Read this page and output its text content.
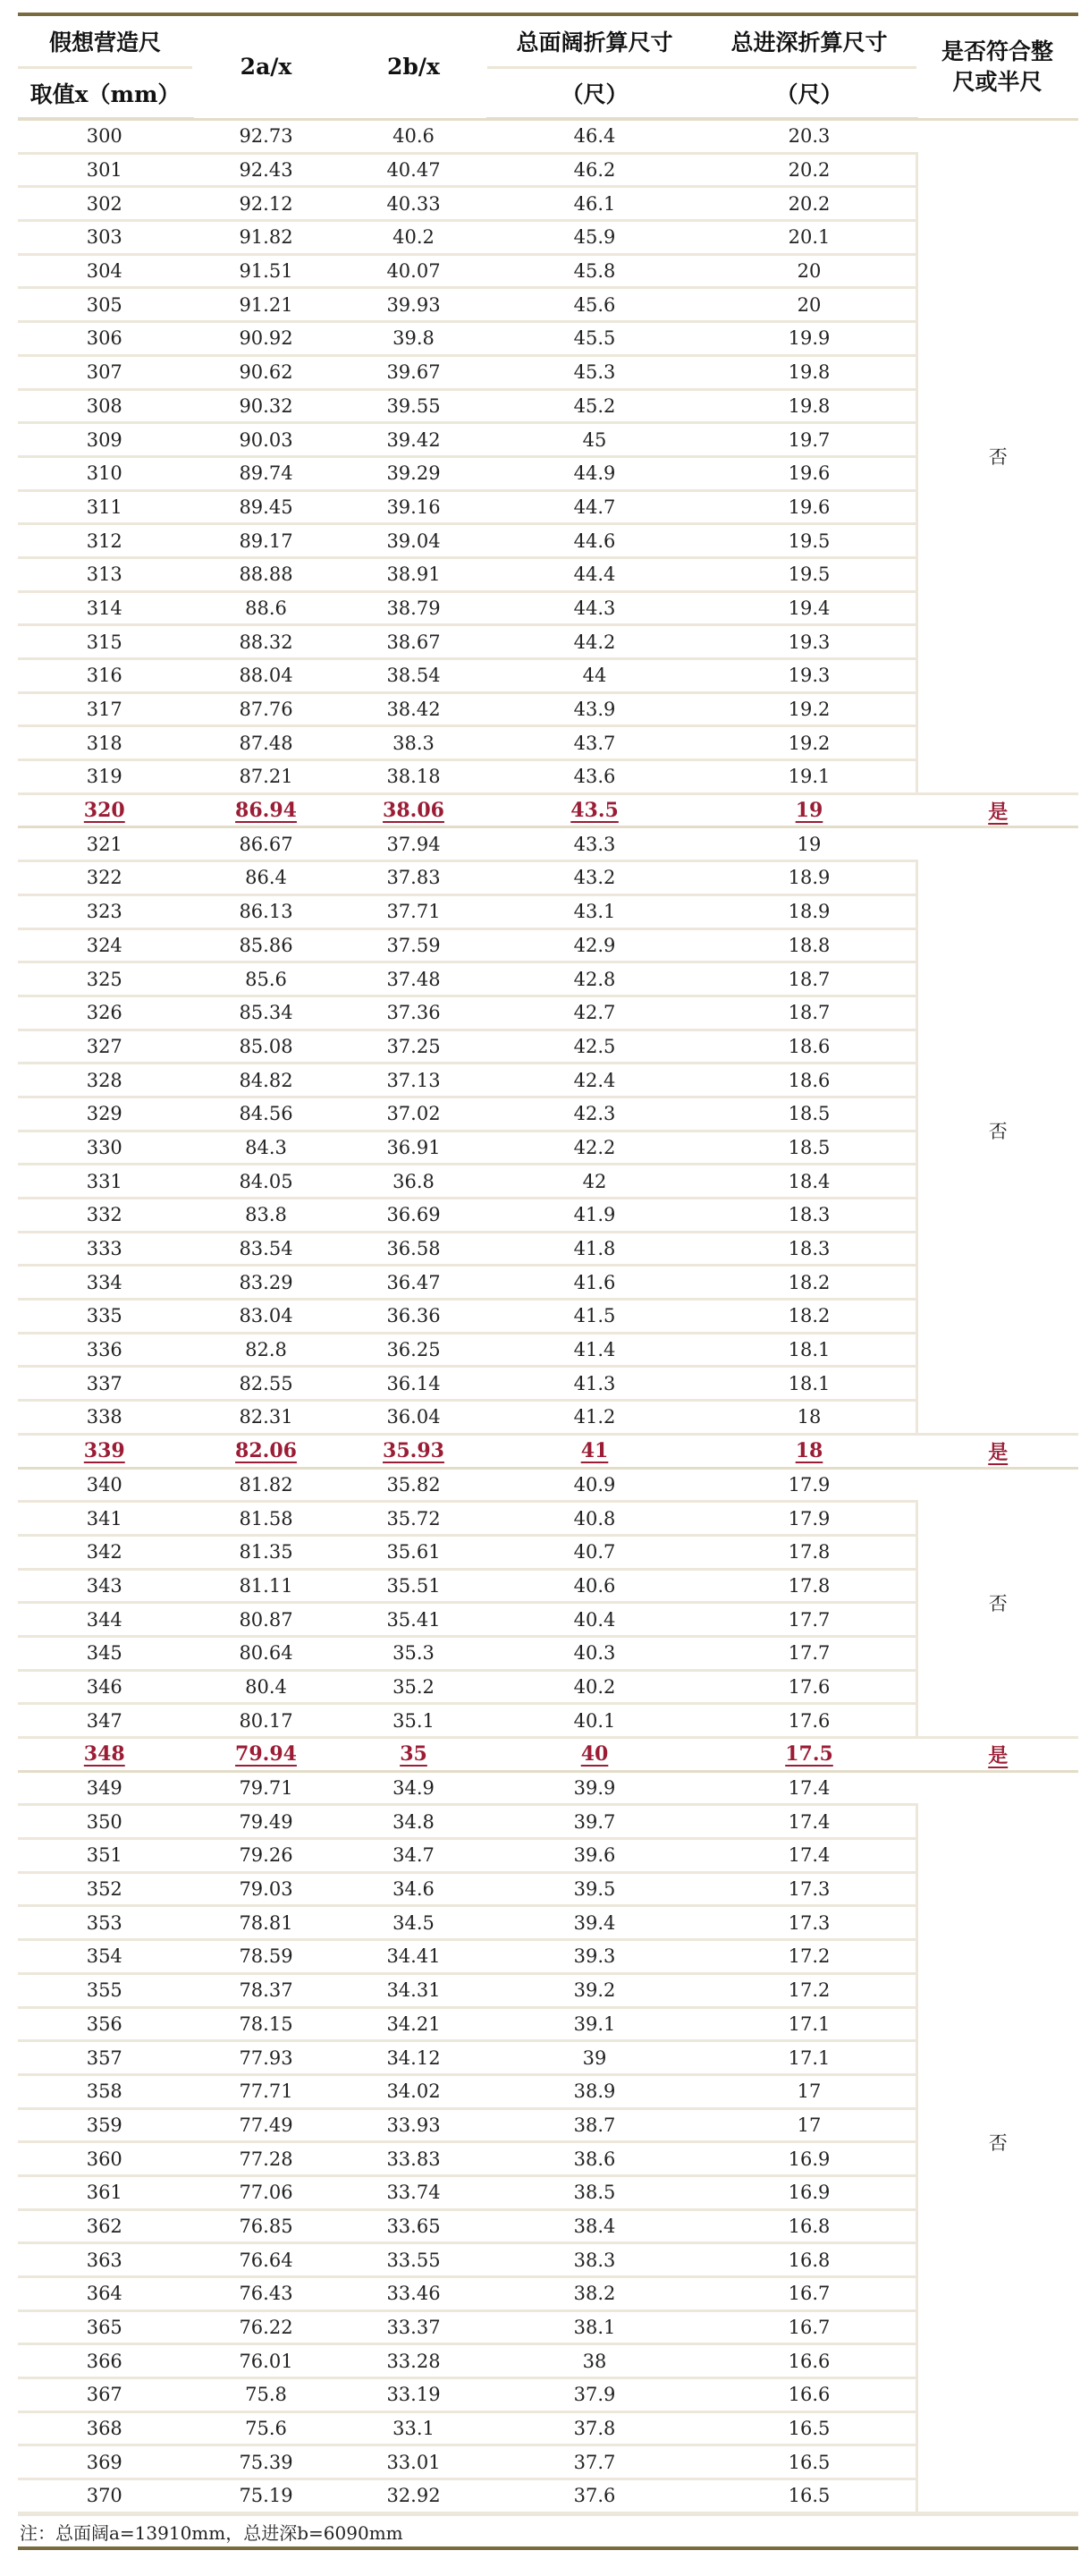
假想营造尺	2a/x	2b/x	总面阔折算尺寸	总进深折算尺寸	是否符合整
尺或半尺
取值x（mm）			（尺）	（尺）	
300	92.73	40.6	46.4	20.3	否
301	92.43	40.47	46.2	20.2	
302	92.12	40.33	46.1	20.2	
303	91.82	40.2	45.9	20.1	
304	91.51	40.07	45.8	20	
305	91.21	39.93	45.6	20	
306	90.92	39.8	45.5	19.9	
307	90.62	39.67	45.3	19.8	
308	90.32	39.55	45.2	19.8	
309	90.03	39.42	45	19.7	
310	89.74	39.29	44.9	19.6	
311	89.45	39.16	44.7	19.6	
312	89.17	39.04	44.6	19.5	
313	88.88	38.91	44.4	19.5	
314	88.6	38.79	44.3	19.4	
315	88.32	38.67	44.2	19.3	
316	88.04	38.54	44	19.3	
317	87.76	38.42	43.9	19.2	
318	87.48	38.3	43.7	19.2	
319	87.21	38.18	43.6	19.1	
320	86.94	38.06	43.5	19	是
321	86.67	37.94	43.3	19	否
322	86.4	37.83	43.2	18.9	
323	86.13	37.71	43.1	18.9	
324	85.86	37.59	42.9	18.8	
325	85.6	37.48	42.8	18.7	
326	85.34	37.36	42.7	18.7	
327	85.08	37.25	42.5	18.6	
328	84.82	37.13	42.4	18.6	
329	84.56	37.02	42.3	18.5	
330	84.3	36.91	42.2	18.5	
331	84.05	36.8	42	18.4	
332	83.8	36.69	41.9	18.3	
333	83.54	36.58	41.8	18.3	
334	83.29	36.47	41.6	18.2	
335	83.04	36.36	41.5	18.2	
336	82.8	36.25	41.4	18.1	
337	82.55	36.14	41.3	18.1	
338	82.31	36.04	41.2	18	
339	82.06	35.93	41	18	是
340	81.82	35.82	40.9	17.9	否
341	81.58	35.72	40.8	17.9	
342	81.35	35.61	40.7	17.8	
343	81.11	35.51	40.6	17.8	
344	80.87	35.41	40.4	17.7	
345	80.64	35.3	40.3	17.7	
346	80.4	35.2	40.2	17.6	
347	80.17	35.1	40.1	17.6	
348	79.94	35	40	17.5	是
349	79.71	34.9	39.9	17.4	否
350	79.49	34.8	39.7	17.4	
351	79.26	34.7	39.6	17.4	
352	79.03	34.6	39.5	17.3	
353	78.81	34.5	39.4	17.3	
354	78.59	34.41	39.3	17.2	
355	78.37	34.31	39.2	17.2	
356	78.15	34.21	39.1	17.1	
357	77.93	34.12	39	17.1	
358	77.71	34.02	38.9	17	
359	77.49	33.93	38.7	17	
360	77.28	33.83	38.6	16.9	
361	77.06	33.74	38.5	16.9	
362	76.85	33.65	38.4	16.8	
363	76.64	33.55	38.3	16.8	
364	76.43	33.46	38.2	16.7	
365	76.22	33.37	38.1	16.7	
366	76.01	33.28	38	16.6	
367	75.8	33.19	37.9	16.6	
368	75.6	33.1	37.8	16.5	
369	75.39	33.01	37.7	16.5	
370	75.19	32.92	37.6	16.5	
注：总面阔a=13910mm，总进深b=6090mm
